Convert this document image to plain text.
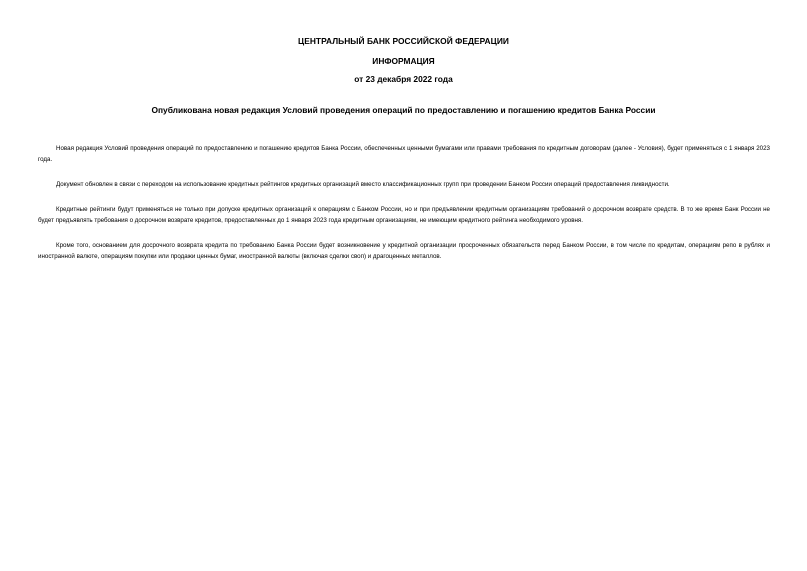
ЦЕНТРАЛЬНЫЙ БАНК РОССИЙСКОЙ ФЕДЕРАЦИИ

ИНФОРМАЦИЯ

от 23 декабря 2022 года

Опубликована новая редакция Условий проведения операций по предоставлению и погашению кредитов Банка России

Новая редакция Условий проведения операций по предоставлению и погашению кредитов Банка России, обеспеченных ценными бумагами или правами требования по кредитным договорам (далее - Условия), будет применяться с 1 января 2023 года.

Документ обновлен в связи с переходом на использование кредитных рейтингов кредитных организаций вместо классификационных групп при проведении Банком России операций предоставления ликвидности.

Кредитные рейтинги будут применяться не только при допуске кредитных организаций к операциям с Банком России, но и при предъявлении кредитным организациям требований о досрочном возврате средств. В то же время Банк России не будет предъявлять требования о досрочном возврате кредитов, предоставленных до 1 января 2023 года кредитным организациям, не имеющим кредитного рейтинга необходимого уровня.

Кроме того, основанием для досрочного возврата кредита по требованию Банка России будет возникновение у кредитной организации просроченных обязательств перед Банком России, в том числе по кредитам, операциям репо в рублях и иностранной валюте, операциям покупки или продажи ценных бумаг, иностранной валюты (включая сделки своп) и драгоценных металлов.
